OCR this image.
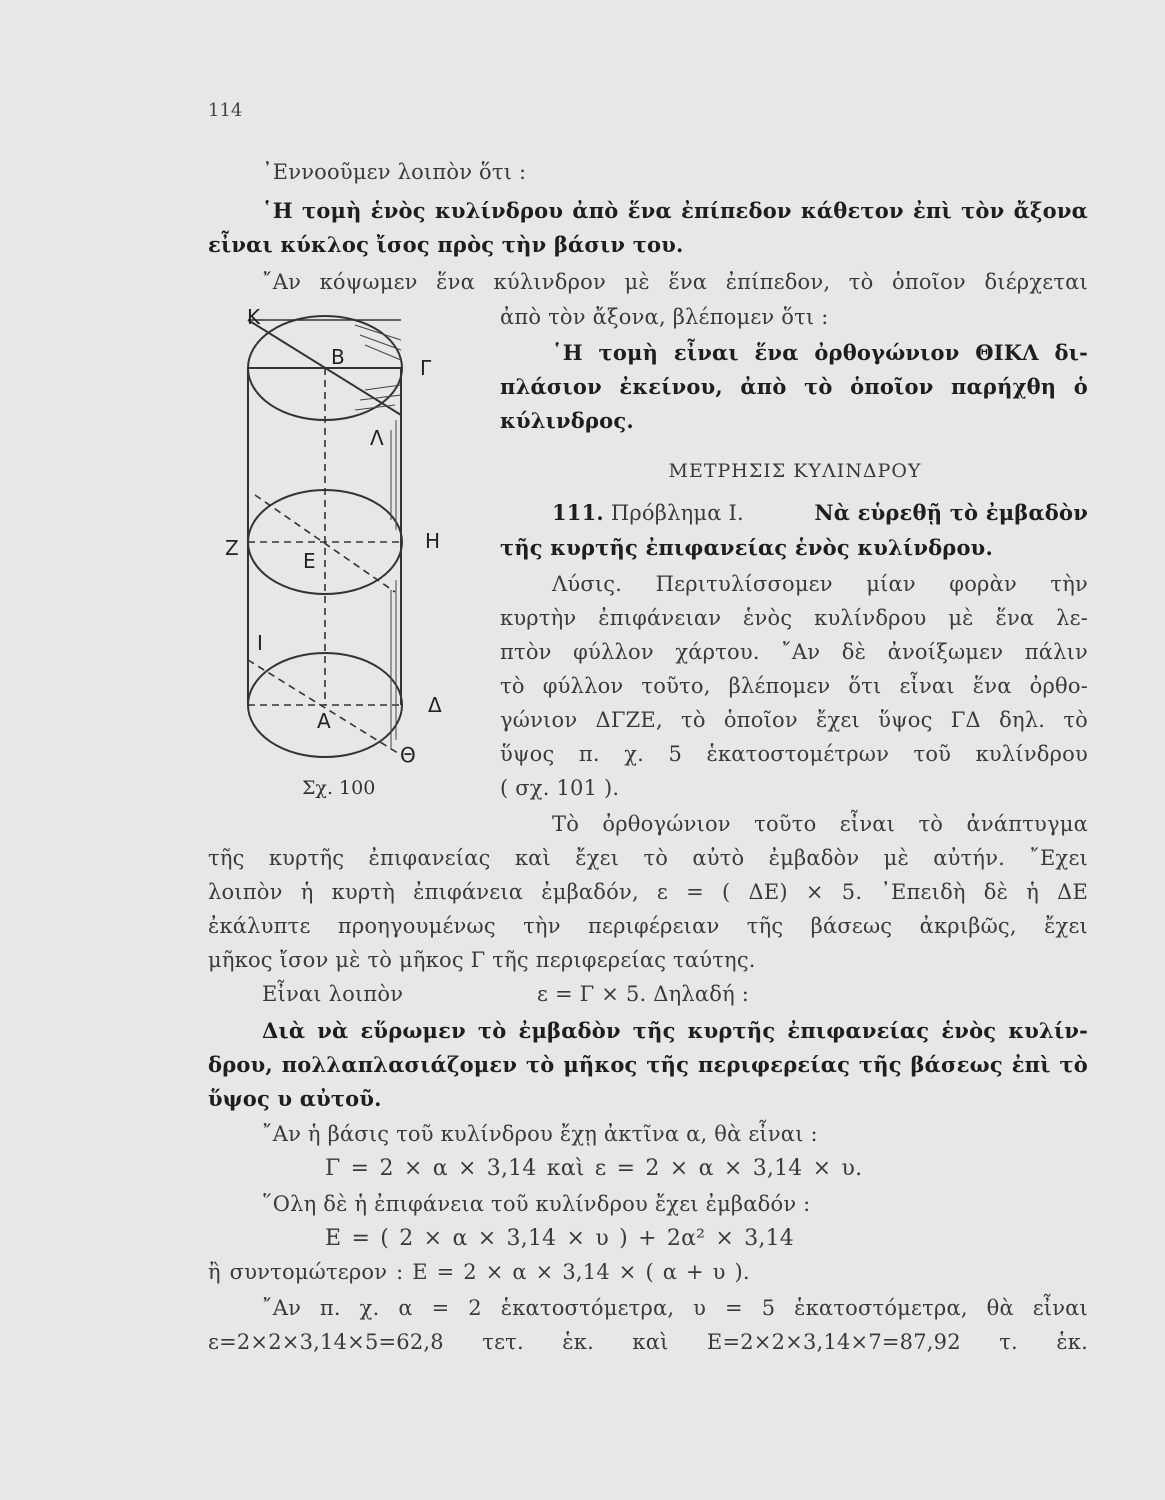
114
᾿Εννοοῦμεν λοιπὸν ὅτι :
῾Η τομὴ ἑνὸς κυλίνδρου ἀπὸ ἕνα ἐπίπεδον κάθετον ἐπὶ τὸν ἄξονα
εἶναι κύκλος ἴσος πρὸς τὴν βάσιν του.
῎Αν κόψωμεν ἕνα κύλινδρον μὲ ἕνα ἐπίπεδον, τὸ ὁποῖον διέρχεται
ἀπὸ τὸν ἄξονα, βλέπομεν ὅτι :
῾Η τομὴ εἶναι ἕνα ὀρθογώνιον ΘΙΚΛ δι-
πλάσιον ἐκείνου, ἀπὸ τὸ ὁποῖον παρήχθη ὁ
κύλινδρος.
ΜΕΤΡΗΣΙΣ ΚΥΛΙΝΔΡΟΥ
111. Πρόβλημα Ι.	Νὰ εὑρεθῇ τὸ ἐμβαδὸν
τῆς κυρτῆς ἐπιφανείας ἑνὸς κυλίνδρου.
Λύσις. Περιτυλίσσομεν μίαν φορὰν τὴν
κυρτὴν ἐπιφάνειαν ἑνὸς κυλίνδρου μὲ ἕνα λε-
πτὸν φύλλον χάρτου. ῎Αν δὲ ἀνοίξωμεν πάλιν
τὸ φύλλον τοῦτο, βλέπομεν ὅτι εἶναι ἕνα ὀρθο-
γώνιον ΔΓΖΕ, τὸ ὁποῖον ἔχει ὕψος ΓΔ δηλ. τὸ
ὕψος π. χ. 5 ἑκατοστομέτρων τοῦ κυλίνδρου
( σχ. 101 ).
Τὸ ὀρθογώνιον τοῦτο εἶναι τὸ ἀνάπτυγμα
τῆς κυρτῆς ἐπιφανείας καὶ ἔχει τὸ αὐτὸ ἐμβαδὸν μὲ αὐτήν. ῎Εχει
λοιπὸν ἡ κυρτὴ ἐπιφάνεια ἐμβαδόν, ε = ( ΔΕ) × 5. ᾿Επειδὴ δὲ ἡ ΔΕ
ἐκάλυπτε προηγουμένως τὴν περιφέρειαν τῆς βάσεως ἀκριβῶς, ἔχει
μῆκος ἴσον μὲ τὸ μῆκος Γ τῆς περιφερείας ταύτης.
Εἶναι λοιπὸν	ε = Γ × 5. Δηλαδή :
Διὰ νὰ εὕρωμεν τὸ ἐμβαδὸν τῆς κυρτῆς ἐπιφανείας ἑνὸς κυλίν-
δρου, πολλαπλασιάζομεν τὸ μῆκος τῆς περιφερείας τῆς βάσεως ἐπὶ τὸ
ὕψος υ αὐτοῦ.
῎Αν ἡ βάσις τοῦ κυλίνδρου ἔχῃ ἀκτῖνα α, θὰ εἶναι :
Γ = 2 × α × 3,14 καὶ ε = 2 × α × 3,14 × υ.
῞Ολη δὲ ἡ ἐπιφάνεια τοῦ κυλίνδρου ἔχει ἐμβαδόν :
Ε = ( 2 × α × 3,14 × υ ) + 2α² × 3,14
ἢ συντομώτερον : Ε = 2 × α × 3,14 × ( α + υ ).
῎Αν π. χ. α = 2 ἑκατοστόμετρα, υ = 5 ἑκατοστόμετρα, θὰ εἶναι
ε=2×2×3,14×5=62,8 τετ. ἑκ. καὶ Ε=2×2×3,14×7=87,92 τ. ἑκ.
Κ
Β	Γ
Λ
Ζ
Ε
Η
Ι
Α
Δ
Θ
Σχ. 100
